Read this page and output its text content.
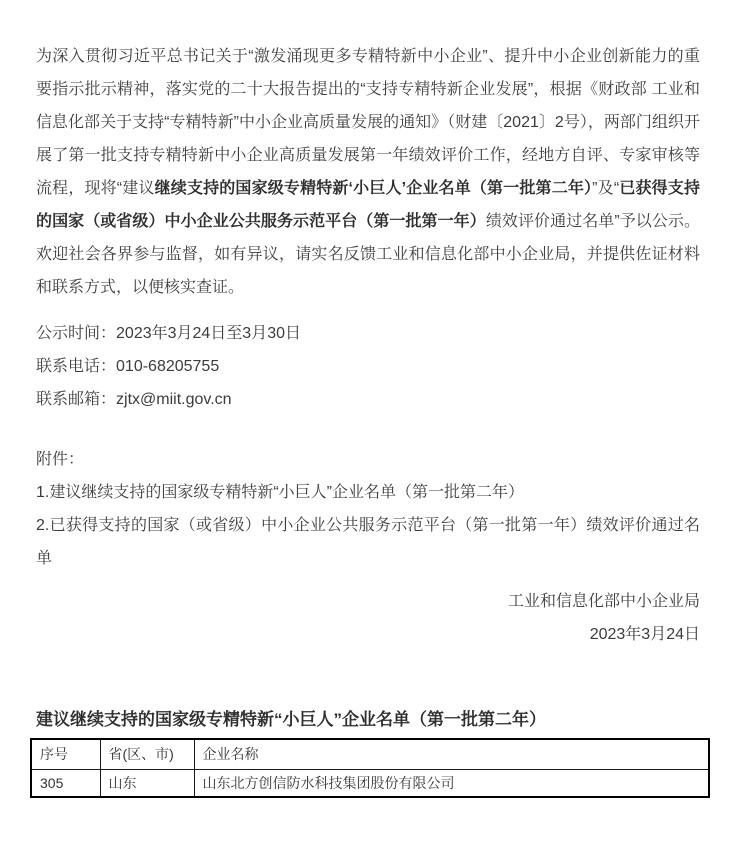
为深入贯彻习近平总书记关于“激发涌现更多专精特新中小企业”、提升中小企业创新能力的重要指示批示精神，落实党的二十大报告提出的“支持专精特新企业发展”，根据《财政部 工业和信息化部关于支持“专精特新”中小企业高质量发展的通知》（财建〔2021〕2号），两部门组织开展了第一批支持专精特新中小企业高质量发展第一年绩效评价工作，经地方自评、专家审核等流程，现将“建议继续支持的国家级专精特新‘小巨人’企业名单（第一批第二年）”及“已获得支持的国家（或省级）中小企业公共服务示范平台（第一批第一年）绩效评价通过名单”予以公示。欢迎社会各界参与监督，如有异议，请实名反馈工业和信息化部中小企业局，并提供佐证材料和联系方式，以便核实查证。

公示时间：2023年3月24日至3月30日

联系电话：010-68205755

联系邮箱：zjtx@miit.gov.cn

附件：

1.建议继续支持的国家级专精特新“小巨人”企业名单（第一批第二年）

2.已获得支持的国家（或省级）中小企业公共服务示范平台（第一批第一年）绩效评价通过名单

工业和信息化部中小企业局

2023年3月24日

建议继续支持的国家级专精特新“小巨人”企业名单（第一批第二年）
序号	省(区、市)	企业名称
305	山东	山东北方创信防水科技集团股份有限公司
